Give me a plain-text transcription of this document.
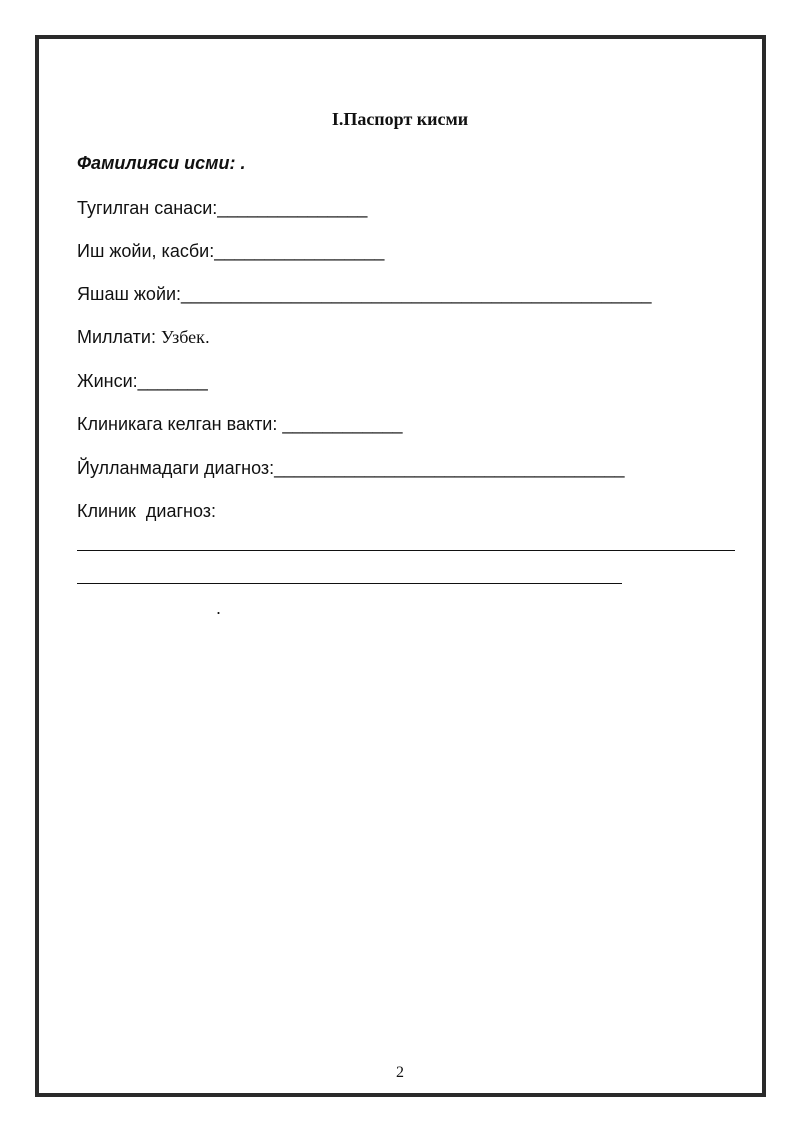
I.Паспорт кисми
Фамилияси исми: .
Тугилган санаси:_______________
Иш жойи, касби:_________________
Яшаш жойи:_______________________________________________
Миллати: Узбек.
Жинси:_______
Клиникага келган вакти: ____________
Йулланмадаги диагноз:___________________________________
Клиник  диагноз:
.
2
